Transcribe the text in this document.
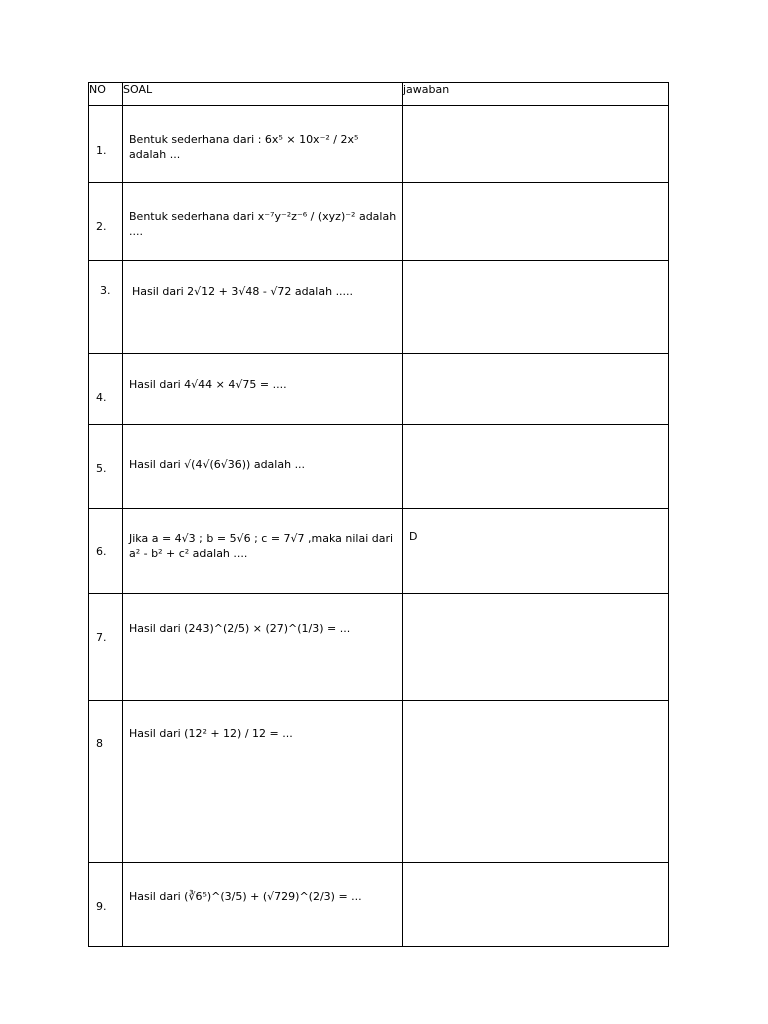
NO	SOAL	jawaban

1.	Bentuk sederhana dari : 6x⁵ × 10x⁻² / 2x⁵ adalah ...	

2.	Bentuk sederhana dari x⁻⁷y⁻²z⁻⁶ / (xyz)⁻² adalah ....	

3.	Hasil dari 2√12 + 3√48 - √72 adalah .....	

4.	Hasil dari 4√44 × 4√75 = ....	

5.	Hasil dari √(4√(6√36)) adalah ...	

6.	Jika a = 4√3 ; b = 5√6 ; c = 7√7 ,maka nilai dari a² - b² + c² adalah ....	D

7.	Hasil dari (243)^(2/5) × (27)^(1/3) = ...	

8	Hasil dari (12² + 12) / 12 = ...	

9.	Hasil dari (∛6⁵)^(3/5) + (√729)^(2/3) = ...	
